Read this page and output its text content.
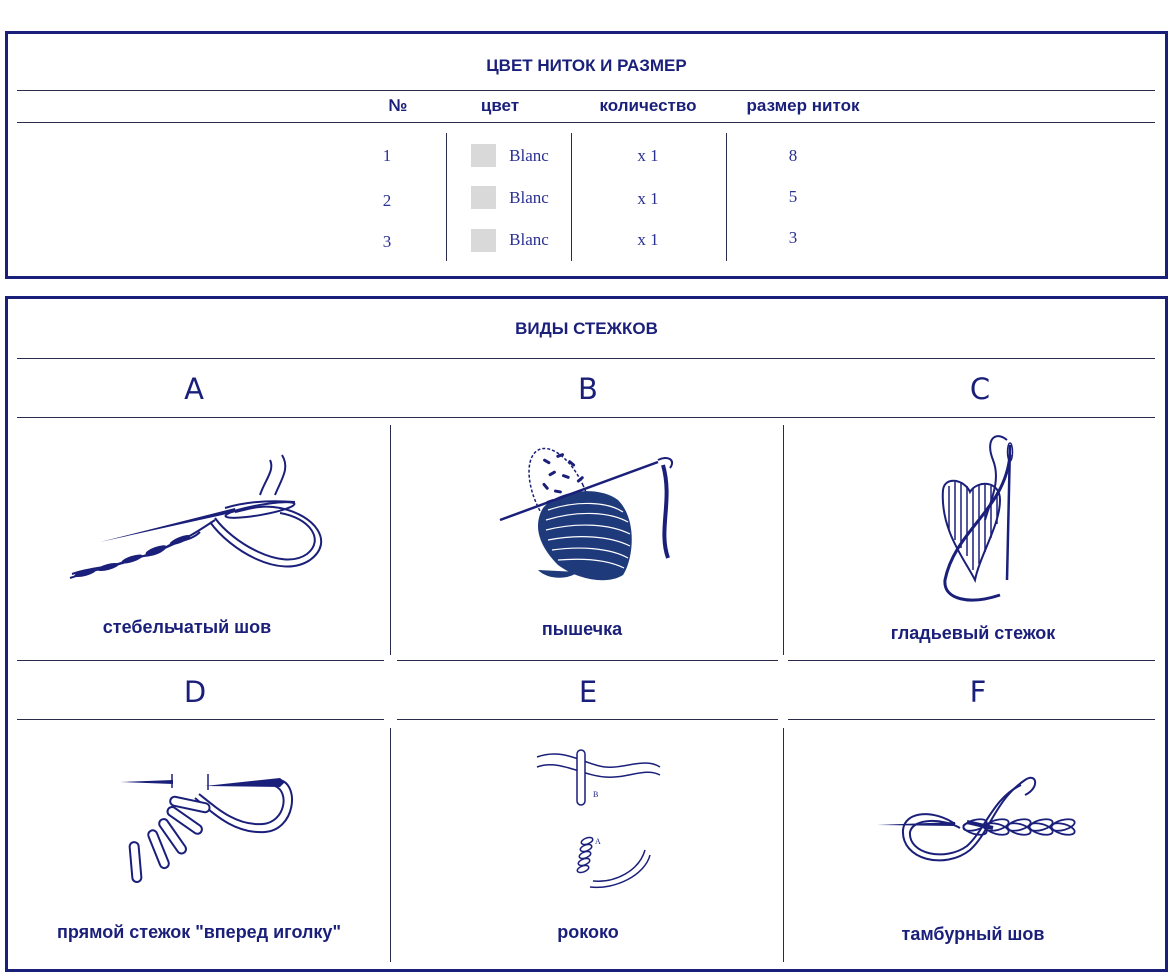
ЦВЕТ НИТОК И РАЗМЕР
№	цвет	количество	размер ниток
1	Blanc	x 1	8
2	Blanc	x 1	5
3	Blanc	x 1	3
ВИДЫ СТЕЖКОВ
A	B	C
D	E	F
B
A
стебельчатый шов	пышечка	гладьевый стежок
прямой стежок "вперед иголку"	рококо	тамбурный шов
